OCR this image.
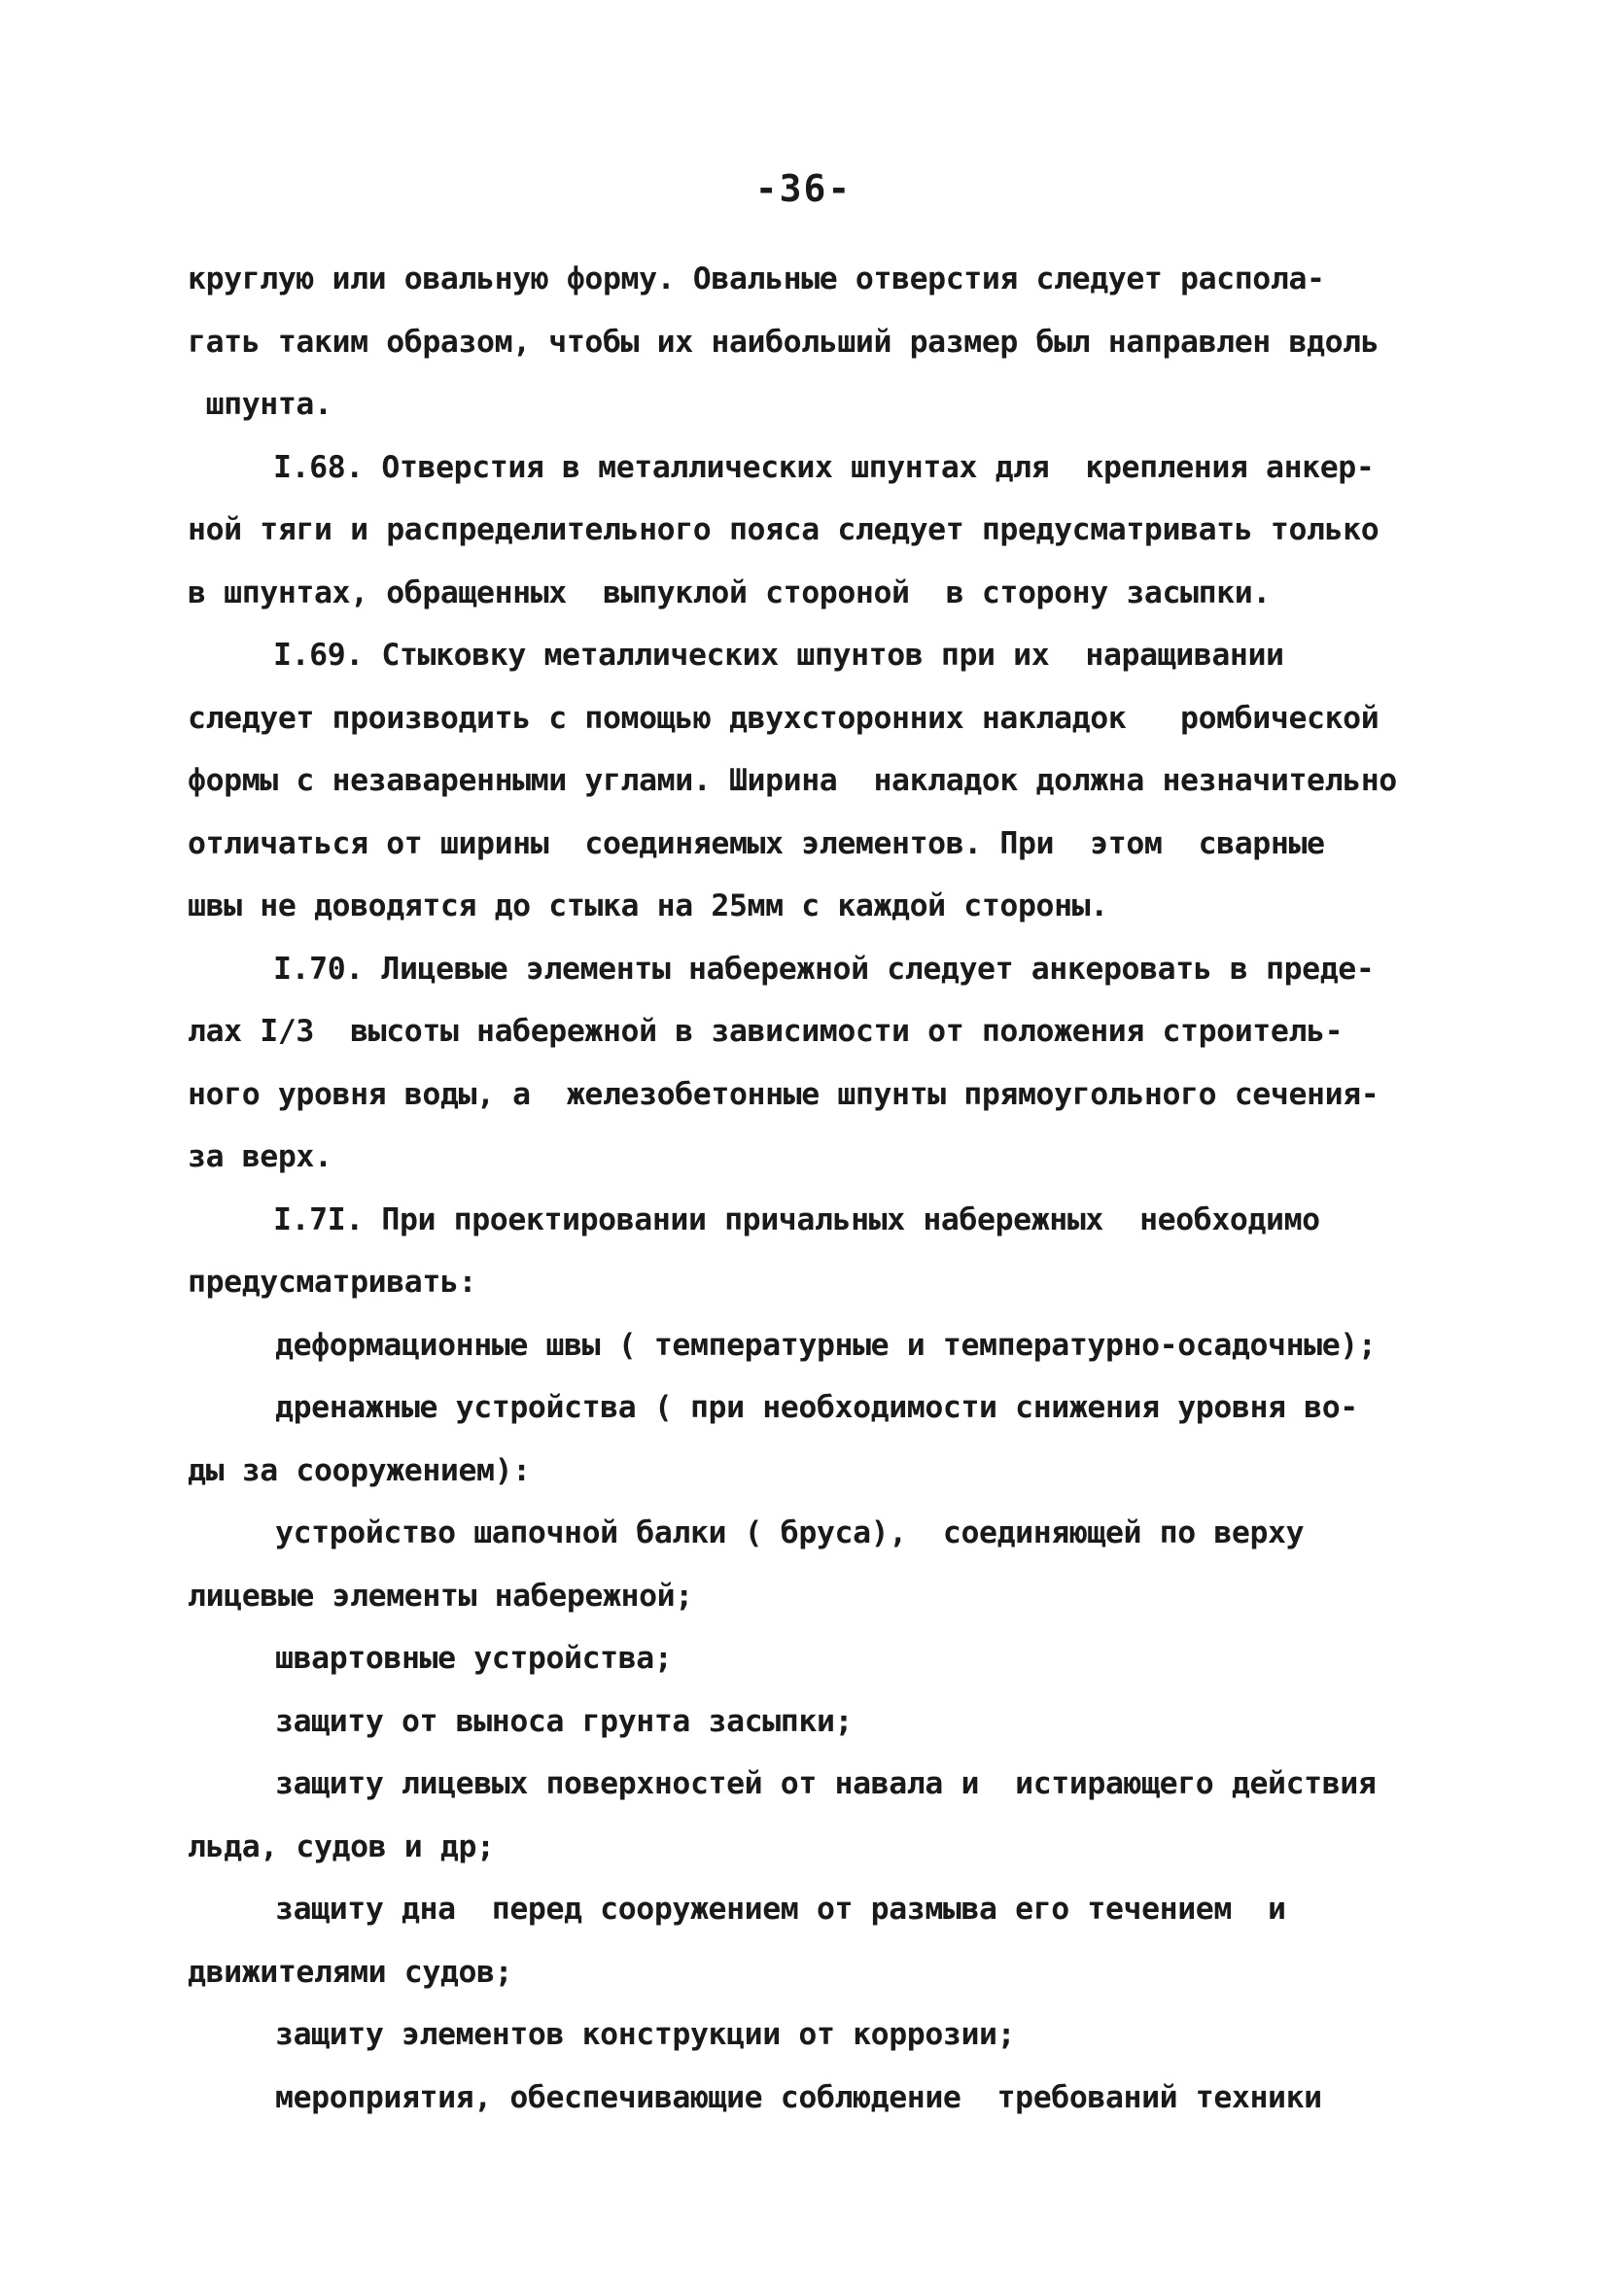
-36-
круглую или овальную форму. Овальные отверстия следует распола-
гать таким образом, чтобы их наибольший размер был направлен вдоль
шпунта.
I.68. Отверстия в металлических шпунтах для  крепления анкер-
ной тяги и распределительного пояса следует предусматривать только
в шпунтах, обращенных  выпуклой стороной  в сторону засыпки.
I.69. Стыковку металлических шпунтов при их  наращивании
следует производить с помощью двухсторонних накладок   ромбической
формы с незаваренными углами. Ширина  накладок должна незначительно
отличаться от ширины  соединяемых элементов. При  этом  сварные
швы не доводятся до стыка на 25мм с каждой стороны.
I.70. Лицевые элементы набережной следует анкеровать в преде-
лах I/3  высоты набережной в зависимости от положения строитель-
ного уровня воды, а  железобетонные шпунты прямоугольного сечения-
за верх.
I.7I. При проектировании причальных набережных  необходимо
предусматривать:
деформационные швы ( температурные и температурно-осадочные);
дренажные устройства ( при необходимости снижения уровня во-
ды за сооружением):
устройство шапочной балки ( бруса),  соединяющей по верху
лицевые элементы набережной;
швартовные устройства;
защиту от выноса грунта засыпки;
защиту лицевых поверхностей от навала и  истирающего действия
льда, судов и др;
защиту дна  перед сооружением от размыва его течением  и
движителями судов;
защиту элементов конструкции от коррозии;
мероприятия, обеспечивающие соблюдение  требований техники
